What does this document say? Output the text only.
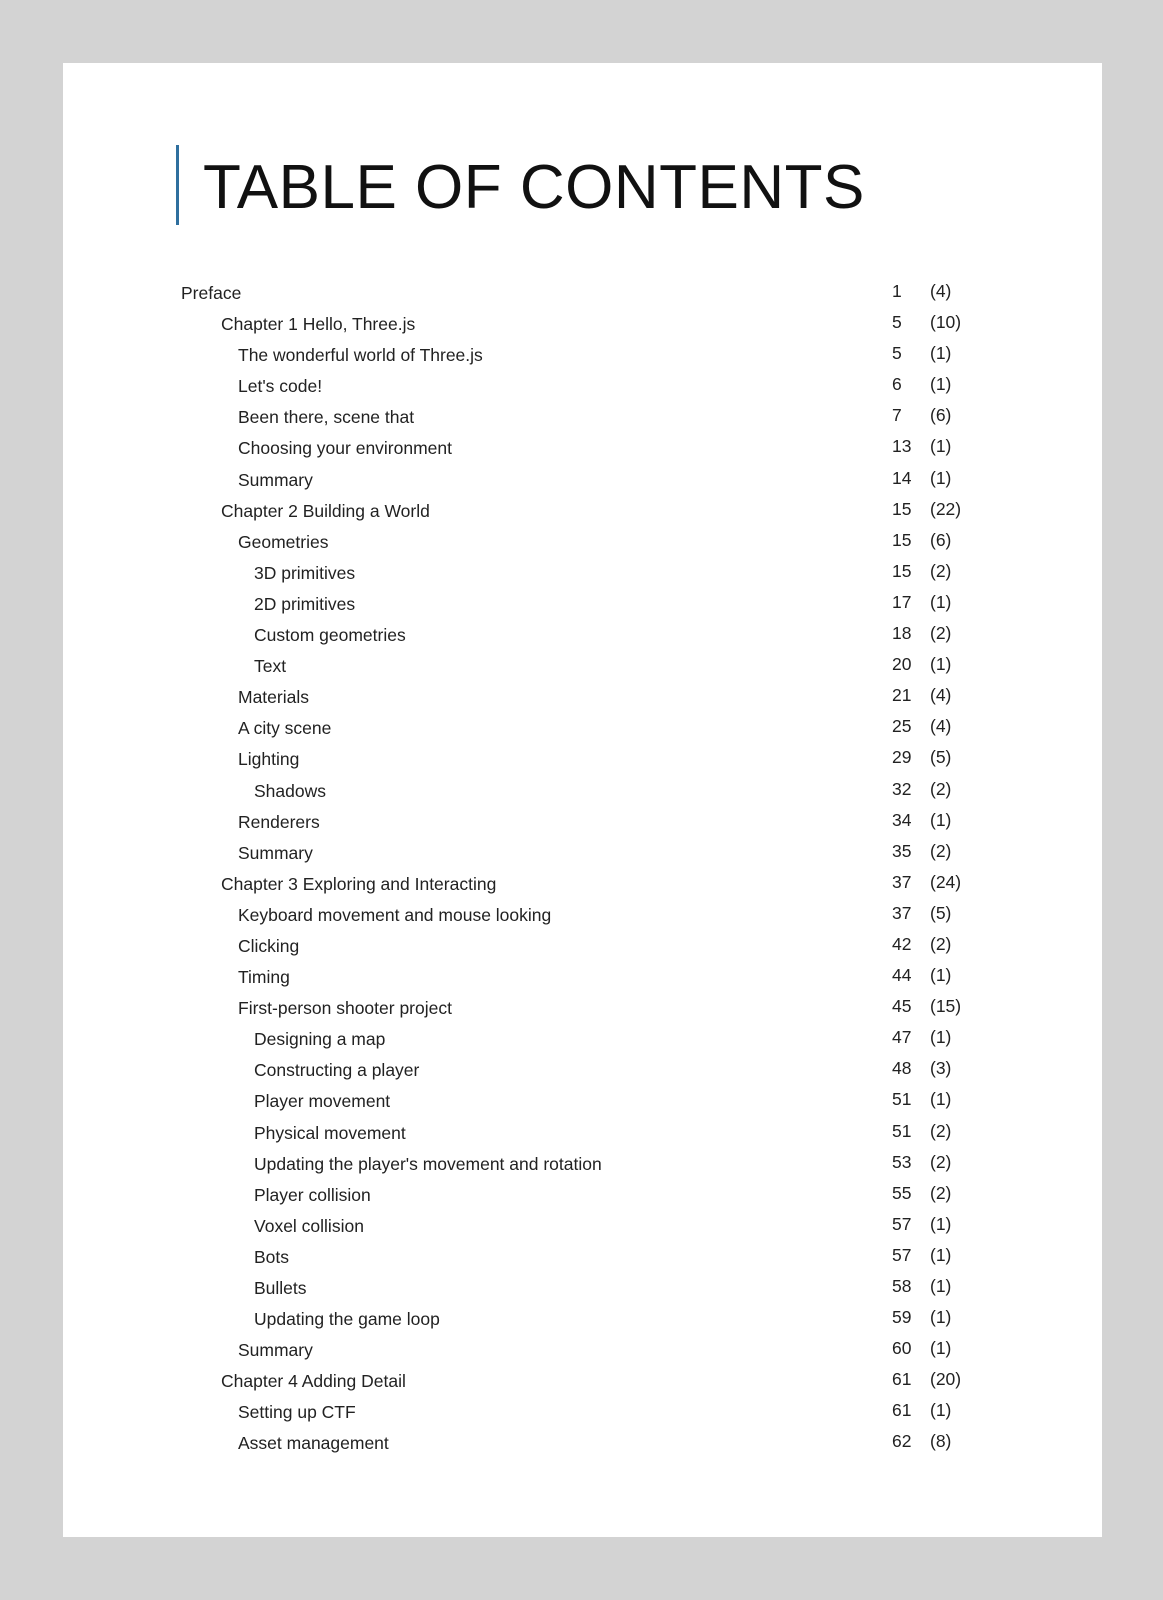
TABLE OF CONTENTS
Preface	1 (4)
Chapter 1 Hello, Three.js	5 (10)
The wonderful world of Three.js	5 (1)
Let's code!	6 (1)
Been there, scene that	7 (6)
Choosing your environment	13 (1)
Summary	14 (1)
Chapter 2 Building a World	15 (22)
Geometries	15 (6)
3D primitives	15 (2)
2D primitives	17 (1)
Custom geometries	18 (2)
Text	20 (1)
Materials	21 (4)
A city scene	25 (4)
Lighting	29 (5)
Shadows	32 (2)
Renderers	34 (1)
Summary	35 (2)
Chapter 3 Exploring and Interacting	37 (24)
Keyboard movement and mouse looking	37 (5)
Clicking	42 (2)
Timing	44 (1)
First-person shooter project	45 (15)
Designing a map	47 (1)
Constructing a player	48 (3)
Player movement	51 (1)
Physical movement	51 (2)
Updating the player's movement and rotation	53 (2)
Player collision	55 (2)
Voxel collision	57 (1)
Bots	57 (1)
Bullets	58 (1)
Updating the game loop	59 (1)
Summary	60 (1)
Chapter 4 Adding Detail	61 (20)
Setting up CTF	61 (1)
Asset management	62 (8)
